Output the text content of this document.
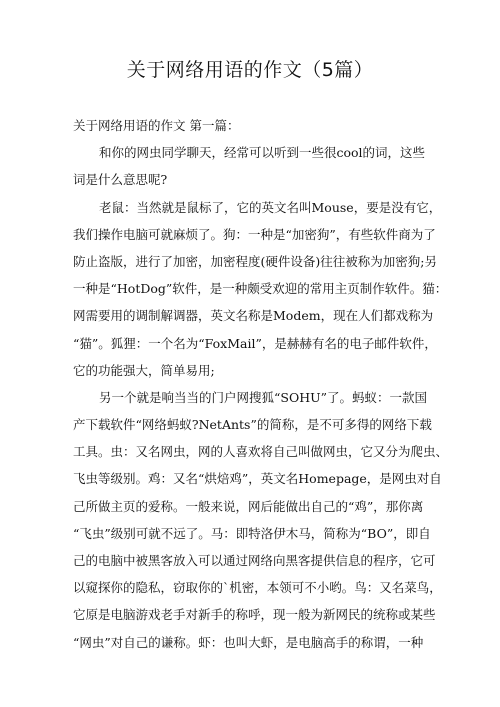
关于网络用语的作文（5篇）
关于网络用语的作文 第一篇：
和你的网虫同学聊天，经常可以听到一些很cool的词，这些
词是什么意思呢?
老鼠：当然就是鼠标了，它的英文名叫Mouse，要是没有它，
我们操作电脑可就麻烦了。狗：一种是“加密狗”，有些软件商为了
防止盗版，进行了加密，加密程度(硬件设备)往往被称为加密狗;另
一种是“HotDog”软件，是一种颇受欢迎的常用主页制作软件。猫：
网需要用的调制解调器，英文名称是Modem，现在人们都戏称为
“猫”。狐狸：一个名为“FoxMail”，是赫赫有名的电子邮件软件，
它的功能强大，简单易用;
另一个就是响当当的门户网搜狐“SOHU”了。蚂蚁：一款国
产下载软件“网络蚂蚁?NetAnts”的简称，是不可多得的网络下载
工具。虫：又名网虫，网的人喜欢将自己叫做网虫，它又分为爬虫、
飞虫等级别。鸡：又名“烘焙鸡”，英文名Homepage，是网虫对自
己所做主页的爱称。一般来说，网后能做出自己的“鸡”，那你离
“飞虫”级别可就不远了。马：即特洛伊木马，简称为“BO”，即自
己的电脑中被黑客放入可以通过网络向黑客提供信息的程序，它可
以窥探你的隐私，窃取你的`机密，本领可不小哟。鸟：又名菜鸟，
它原是电脑游戏老手对新手的称呼，现一般为新网民的统称或某些
“网虫”对自己的谦称。虾：也叫大虾，是电脑高手的称谓，一种
